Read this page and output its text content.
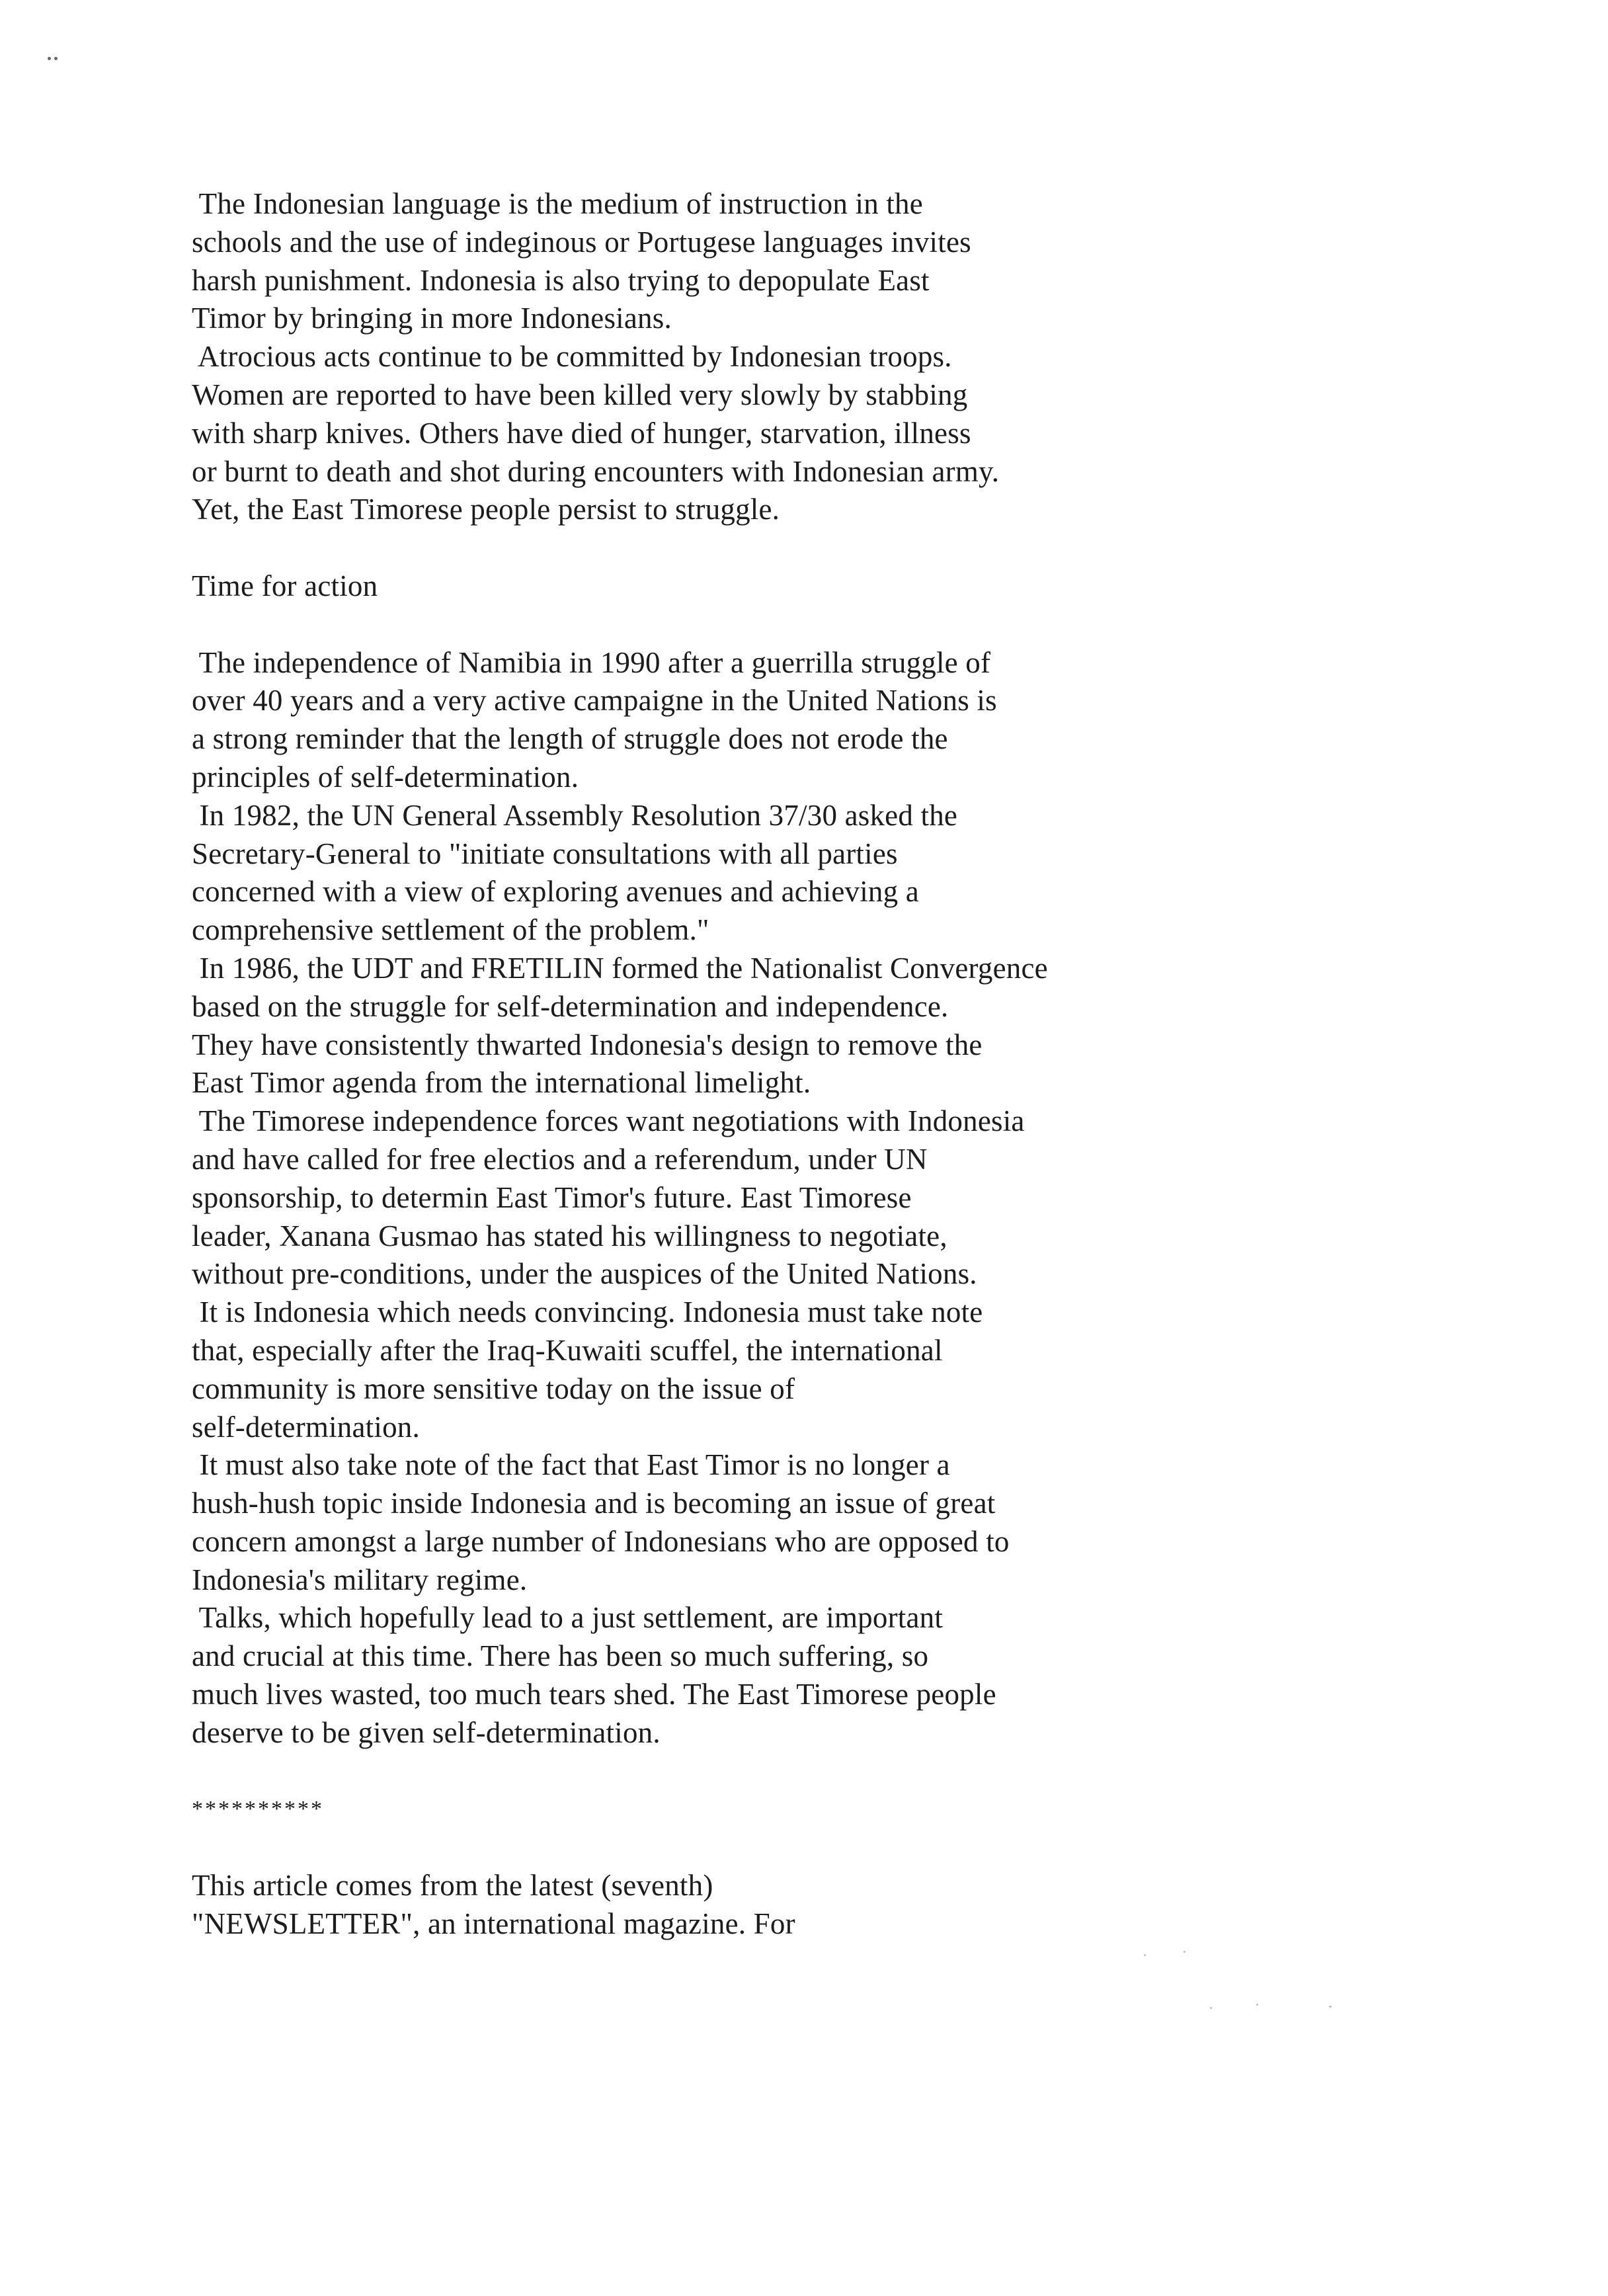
The Indonesian language is the medium of instruction in the
schools and the use of indeginous or Portugese languages invites
harsh punishment. Indonesia is also trying to depopulate East
Timor by bringing in more Indonesians.
Atrocious acts continue to be committed by Indonesian troops.
Women are reported to have been killed very slowly by stabbing
with sharp knives. Others have died of hunger, starvation, illness
or burnt to death and shot during encounters with Indonesian army.
Yet, the East Timorese people persist to struggle.
Time for action
The independence of Namibia in 1990 after a guerrilla struggle of
over 40 years and a very active campaigne in the United Nations is
a strong reminder that the length of struggle does not erode the
principles of self-determination.
In 1982, the UN General Assembly Resolution 37/30 asked the
Secretary-General to "initiate consultations with all parties
concerned with a view of exploring avenues and achieving a
comprehensive settlement of the problem."
In 1986, the UDT and FRETILIN formed the Nationalist Convergence
based on the struggle for self-determination and independence.
They have consistently thwarted Indonesia's design to remove the
East Timor agenda from the international limelight.
The Timorese independence forces want negotiations with Indonesia
and have called for free electios and a referendum, under UN
sponsorship, to determin East Timor's future. East Timorese
leader, Xanana Gusmao has stated his willingness to negotiate,
without pre-conditions, under the auspices of the United Nations.
It is Indonesia which needs convincing. Indonesia must take note
that, especially after the Iraq-Kuwaiti scuffel, the international
community is more sensitive today on the issue of
self-determination.
It must also take note of the fact that East Timor is no longer a
hush-hush topic inside Indonesia and is becoming an issue of great
concern amongst a large number of Indonesians who are opposed to
Indonesia's military regime.
Talks, which hopefully lead to a just settlement, are important
and crucial at this time. There has been so much suffering, so
much lives wasted, too much tears shed. The East Timorese people
deserve to be given self-determination.
**********
This article comes from the latest (seventh)
"NEWSLETTER", an international magazine. For
